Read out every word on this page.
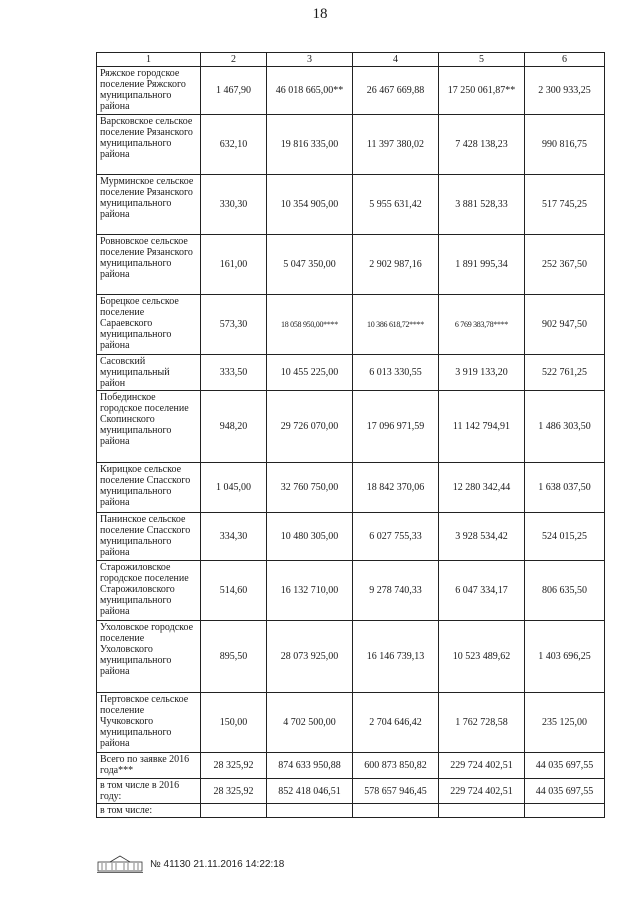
18
1	2	3	4	5	6
Ряжское городское поселение Ряжского муниципального района	1 467,90	46 018 665,00**	26 467 669,88	17 250 061,87**	2 300 933,25
Варсковское сельское поселение Рязанского муниципального района	632,10	19 816 335,00	11 397 380,02	7 428 138,23	990 816,75
Мурминское сельское поселение Рязанского муниципального района	330,30	10 354 905,00	5 955 631,42	3 881 528,33	517 745,25
Ровновское сельское поселение Рязанского муниципального района	161,00	5 047 350,00	2 902 987,16	1 891 995,34	252 367,50
Борецкое сельское поселение Сараевского муниципального района	573,30	18 058 950,00****	10 386 618,72****	6 769 383,78****	902 947,50
Сасовский муниципальный район	333,50	10 455 225,00	6 013 330,55	3 919 133,20	522 761,25
Побединское городское поселение Скопинского муниципального района	948,20	29 726 070,00	17 096 971,59	11 142 794,91	1 486 303,50
Кирицкое сельское поселение Спасского муниципального района	1 045,00	32 760 750,00	18 842 370,06	12 280 342,44	1 638 037,50
Панинское сельское поселение Спасского муниципального района	334,30	10 480 305,00	6 027 755,33	3 928 534,42	524 015,25
Старожиловское городское поселение Старожиловского муниципального района	514,60	16 132 710,00	9 278 740,33	6 047 334,17	806 635,50
Ухоловское городское поселение Ухоловского муниципального района	895,50	28 073 925,00	16 146 739,13	10 523 489,62	1 403 696,25
Пертовское сельское поселение Чучковского муниципального района	150,00	4 702 500,00	2 704 646,42	1 762 728,58	235 125,00
Всего по заявке 2016 года***	28 325,92	874 633 950,88	600 873 850,82	229 724 402,51	44 035 697,55
в том числе в 2016 году:	28 325,92	852 418 046,51	578 657 946,45	229 724 402,51	44 035 697,55
в том числе:					
№ 41130 21.11.2016 14:22:18
